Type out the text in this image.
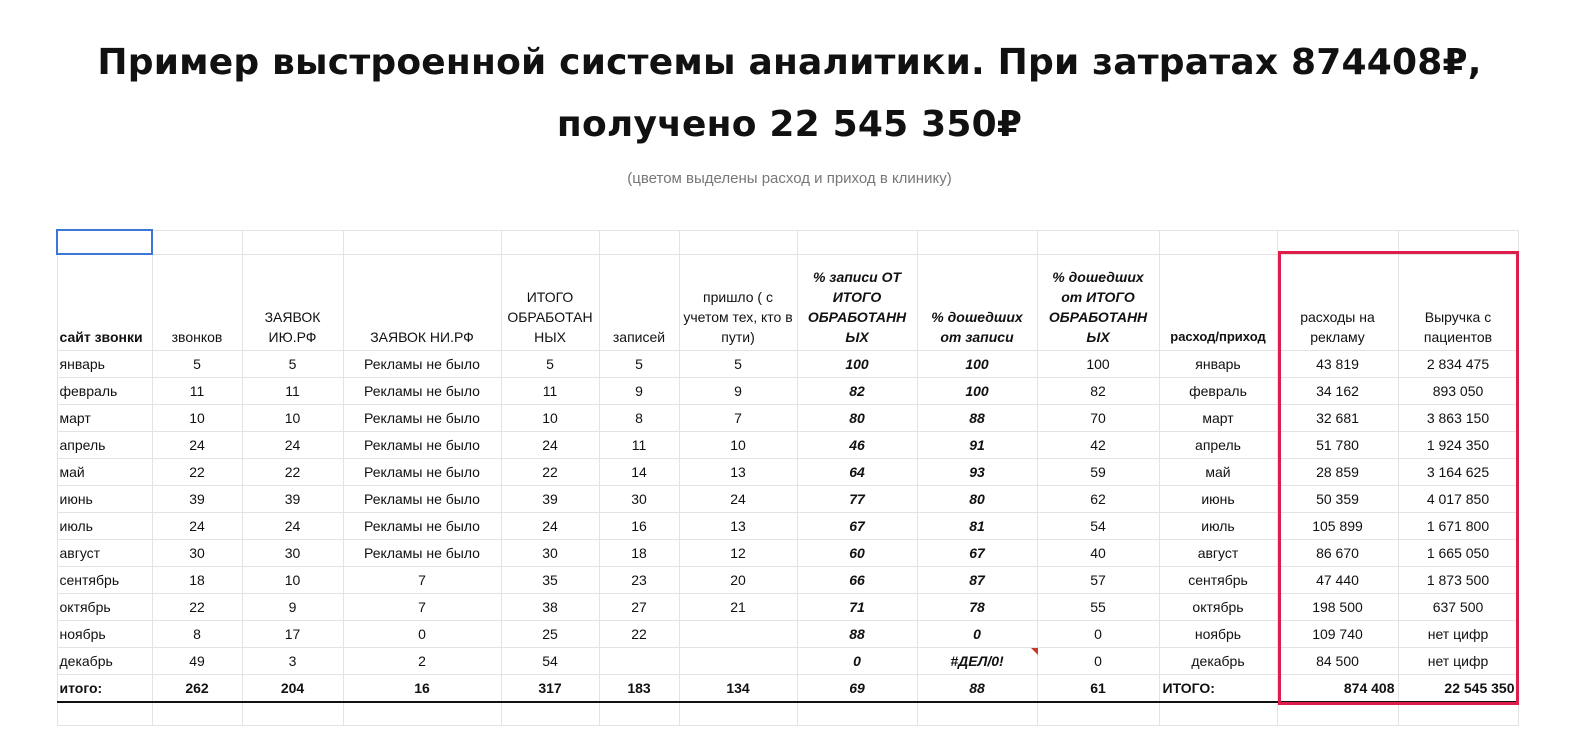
Пример выстроенной системы аналитики. При затратах 874408₽,
получено 22 545 350₽
(цветом выделены расход и приход в клинику)

сайт звонки	звонков	ЗАЯВОК ИЮ.РФ	ЗАЯВОК НИ.РФ	ИТОГО ОБРАБОТАН НЫХ	записей	пришло ( с учетом тех, кто в пути)	% записи ОТ ИТОГО ОБРАБОТАНН ЫХ	% дошедших от записи	% дошедших от ИТОГО ОБРАБОТАНН ЫХ	расход/приход	расходы на рекламу	Выручка с пациентов
январь	5	5	Рекламы не было	5	5	5	100	100	100	январь	43 819	2 834 475
февраль	11	11	Рекламы не было	11	9	9	82	100	82	февраль	34 162	893 050
март	10	10	Рекламы не было	10	8	7	80	88	70	март	32 681	3 863 150
апрель	24	24	Рекламы не было	24	11	10	46	91	42	апрель	51 780	1 924 350
май	22	22	Рекламы не было	22	14	13	64	93	59	май	28 859	3 164 625
июнь	39	39	Рекламы не было	39	30	24	77	80	62	июнь	50 359	4 017 850
июль	24	24	Рекламы не было	24	16	13	67	81	54	июль	105 899	1 671 800
август	30	30	Рекламы не было	30	18	12	60	67	40	август	86 670	1 665 050
сентябрь	18	10	7	35	23	20	66	87	57	сентябрь	47 440	1 873 500
октябрь	22	9	7	38	27	21	71	78	55	октябрь	198 500	637 500
ноябрь	8	17	0	25	22		88	0	0	ноябрь	109 740	нет цифр
декабрь	49	3	2	54			0	#ДЕЛ/0!	0	декабрь	84 500	нет цифр
итого:	262	204	16	317	183	134	69	88	61	ИТОГО:	874 408	22 545 350
